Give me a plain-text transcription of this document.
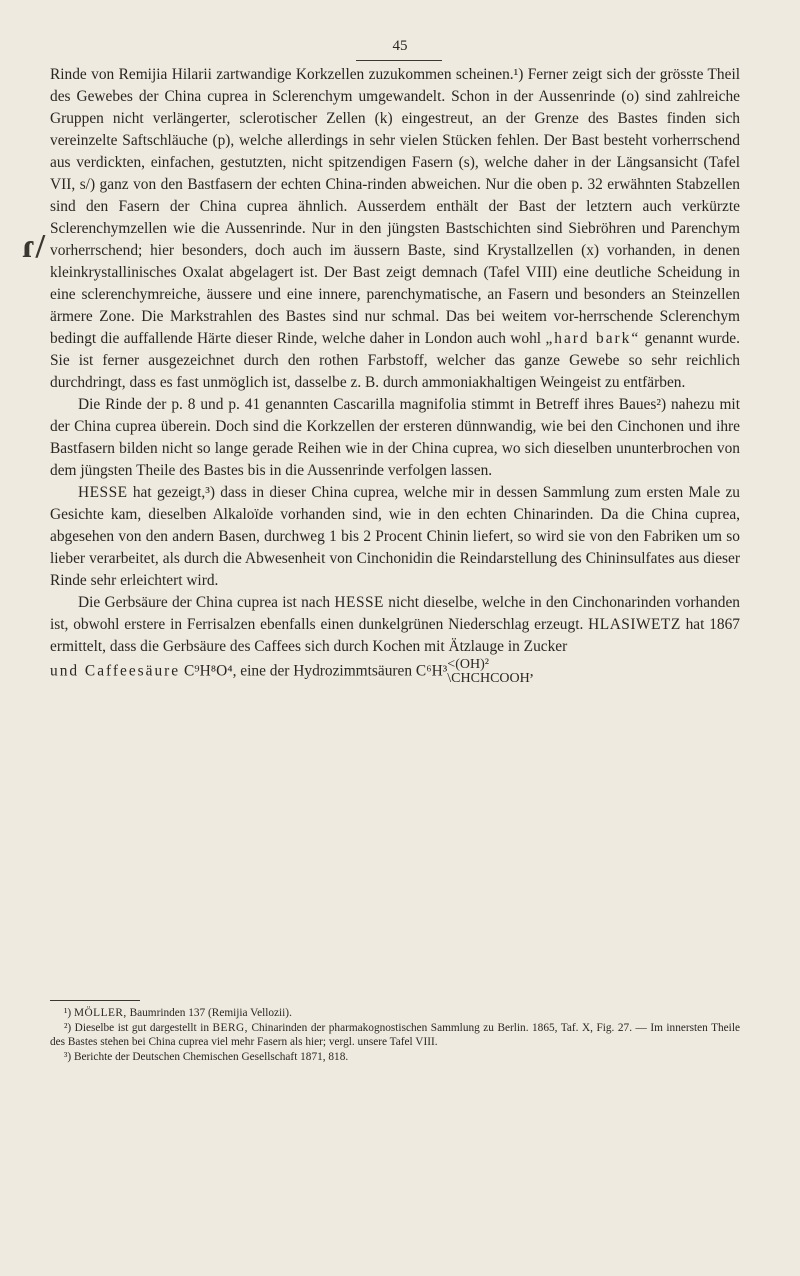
45
ɾ/

Rinde von Remijia Hilarii zartwandige Korkzellen zuzukommen scheinen.¹) Ferner zeigt sich der grösste Theil des Gewebes der China cuprea in Sclerenchym umgewandelt. Schon in der Aussenrinde (o) sind zahlreiche Gruppen nicht verlängerter, sclerotischer Zellen (k) eingestreut, an der Grenze des Bastes finden sich vereinzelte Saftschläuche (p), welche allerdings in sehr vielen Stücken fehlen. Der Bast besteht vorherrschend aus verdickten, einfachen, gestutzten, nicht spitzendigen Fasern (s), welche daher in der Längsansicht (Tafel VII, s/) ganz von den Bastfasern der echten China-rinden abweichen. Nur die oben p. 32 erwähnten Stabzellen sind den Fasern der China cuprea ähnlich. Ausserdem enthält der Bast der letztern auch verkürzte Sclerenchymzellen wie die Aussenrinde. Nur in den jüngsten Bastschichten sind Siebröhren und Parenchym vorherrschend; hier besonders, doch auch im äussern Baste, sind Krystallzellen (x) vorhanden, in denen kleinkrystallinisches Oxalat abgelagert ist. Der Bast zeigt demnach (Tafel VIII) eine deutliche Scheidung in eine sclerenchymreiche, äussere und eine innere, parenchymatische, an Fasern und besonders an Steinzellen ärmere Zone. Die Markstrahlen des Bastes sind nur schmal. Das bei weitem vor-herrschende Sclerenchym bedingt die auffallende Härte dieser Rinde, welche daher in London auch wohl „hard bark“ genannt wurde. Sie ist ferner ausgezeichnet durch den rothen Farbstoff, welcher das ganze Gewebe so sehr reichlich durchdringt, dass es fast unmöglich ist, dasselbe z. B. durch ammoniakhaltigen Weingeist zu entfärben.

Die Rinde der p. 8 und p. 41 genannten Cascarilla magnifolia stimmt in Betreff ihres Baues²) nahezu mit der China cuprea überein. Doch sind die Korkzellen der ersteren dünnwandig, wie bei den Cinchonen und ihre Bastfasern bilden nicht so lange gerade Reihen wie in der China cuprea, wo sich dieselben ununterbrochen von dem jüngsten Theile des Bastes bis in die Aussenrinde verfolgen lassen.

HESSE hat gezeigt,³) dass in dieser China cuprea, welche mir in dessen Sammlung zum ersten Male zu Gesichte kam, dieselben Alkaloïde vorhanden sind, wie in den echten Chinarinden. Da die China cuprea, abgesehen von den andern Basen, durchweg 1 bis 2 Procent Chinin liefert, so wird sie von den Fabriken um so lieber verarbeitet, als durch die Abwesenheit von Cinchonidin die Reindarstellung des Chininsulfates aus dieser Rinde sehr erleichtert wird.

Die Gerbsäure der China cuprea ist nach HESSE nicht dieselbe, welche in den Cinchonarinden vorhanden ist, obwohl erstere in Ferrisalzen ebenfalls einen dunkelgrünen Niederschlag erzeugt. HLASIWETZ hat 1867 ermittelt, dass die Gerbsäure des Caffees sich durch Kochen mit Ätzlauge in Zucker

und Caffeesäure C⁹H⁸O⁴, eine der Hydrozimmtsäuren C⁶H³ <(OH)²
\CHCHCOOH ,

¹) MÖLLER, Baumrinden 137 (Remijia Vellozii).

²) Dieselbe ist gut dargestellt in BERG, Chinarinden der pharmakognostischen Sammlung zu Berlin. 1865, Taf. X, Fig. 27. — Im innersten Theile des Bastes stehen bei China cuprea viel mehr Fasern als hier; vergl. unsere Tafel VIII.

³) Berichte der Deutschen Chemischen Gesellschaft 1871, 818.
